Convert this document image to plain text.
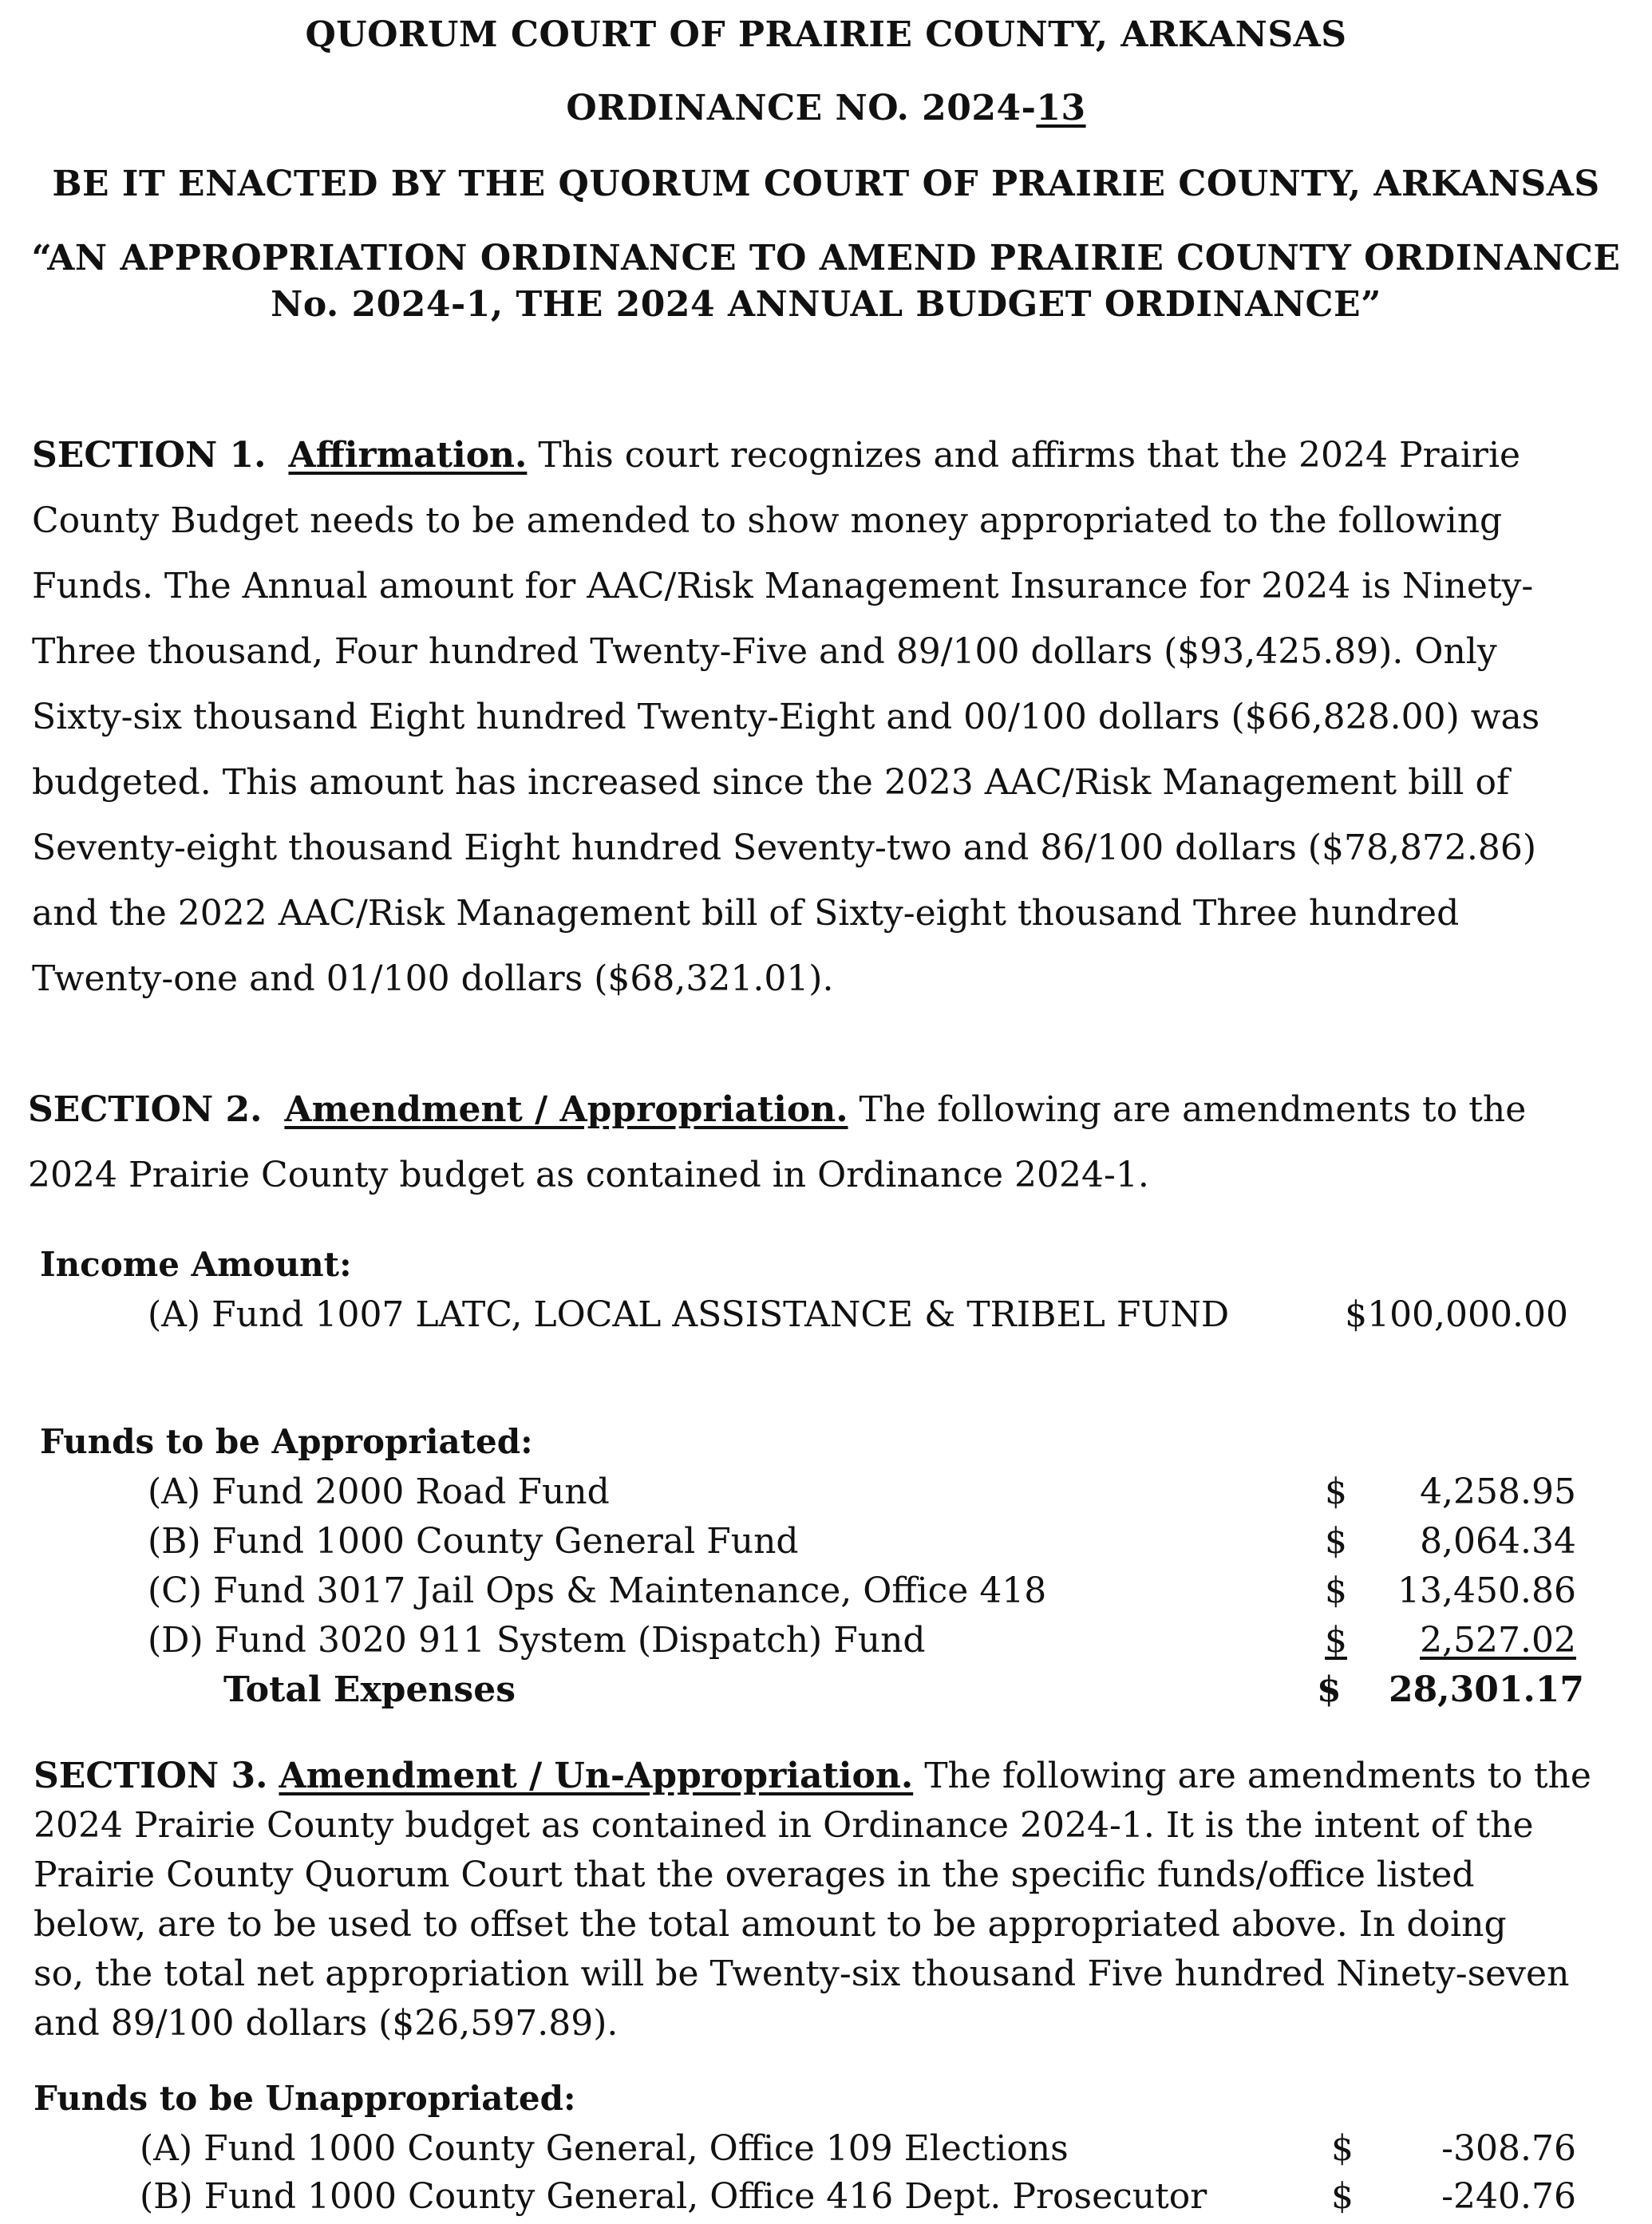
QUORUM COURT OF PRAIRIE COUNTY, ARKANSAS
ORDINANCE NO. 2024-13
BE IT ENACTED BY THE QUORUM COURT OF PRAIRIE COUNTY, ARKANSAS
“AN APPROPRIATION ORDINANCE TO AMEND PRAIRIE COUNTY ORDINANCE
No. 2024-1, THE 2024 ANNUAL BUDGET ORDINANCE”
SECTION 1. Affirmation. This court recognizes and affirms that the 2024 Prairie
County Budget needs to be amended to show money appropriated to the following
Funds. The Annual amount for AAC/Risk Management Insurance for 2024 is Ninety-
Three thousand, Four hundred Twenty-Five and 89/100 dollars ($93,425.89). Only
Sixty-six thousand Eight hundred Twenty-Eight and 00/100 dollars ($66,828.00) was
budgeted. This amount has increased since the 2023 AAC/Risk Management bill of
Seventy-eight thousand Eight hundred Seventy-two and 86/100 dollars ($78,872.86)
and the 2022 AAC/Risk Management bill of Sixty-eight thousand Three hundred
Twenty-one and 01/100 dollars ($68,321.01).
SECTION 2. Amendment / Appropriation. The following are amendments to the
2024 Prairie County budget as contained in Ordinance 2024-1.
Income Amount:
(A) Fund 1007 LATC, LOCAL ASSISTANCE & TRIBEL FUND	$100,000.00
Funds to be Appropriated:
(A) Fund 2000 Road Fund	$ 4,258.95
(B) Fund 1000 County General Fund	$ 8,064.34
(C) Fund 3017 Jail Ops & Maintenance, Office 418	$ 13,450.86
(D) Fund 3020 911 System (Dispatch) Fund	$ 2,527.02
Total Expenses	$ 28,301.17
SECTION 3. Amendment / Un-Appropriation. The following are amendments to the
2024 Prairie County budget as contained in Ordinance 2024-1. It is the intent of the
Prairie County Quorum Court that the overages in the specific funds/office listed
below, are to be used to offset the total amount to be appropriated above. In doing
so, the total net appropriation will be Twenty-six thousand Five hundred Ninety-seven
and 89/100 dollars ($26,597.89).
Funds to be Unappropriated:
(A) Fund 1000 County General, Office 109 Elections	$	-308.76
(B) Fund 1000 County General, Office 416 Dept. Prosecutor	$	-240.76
